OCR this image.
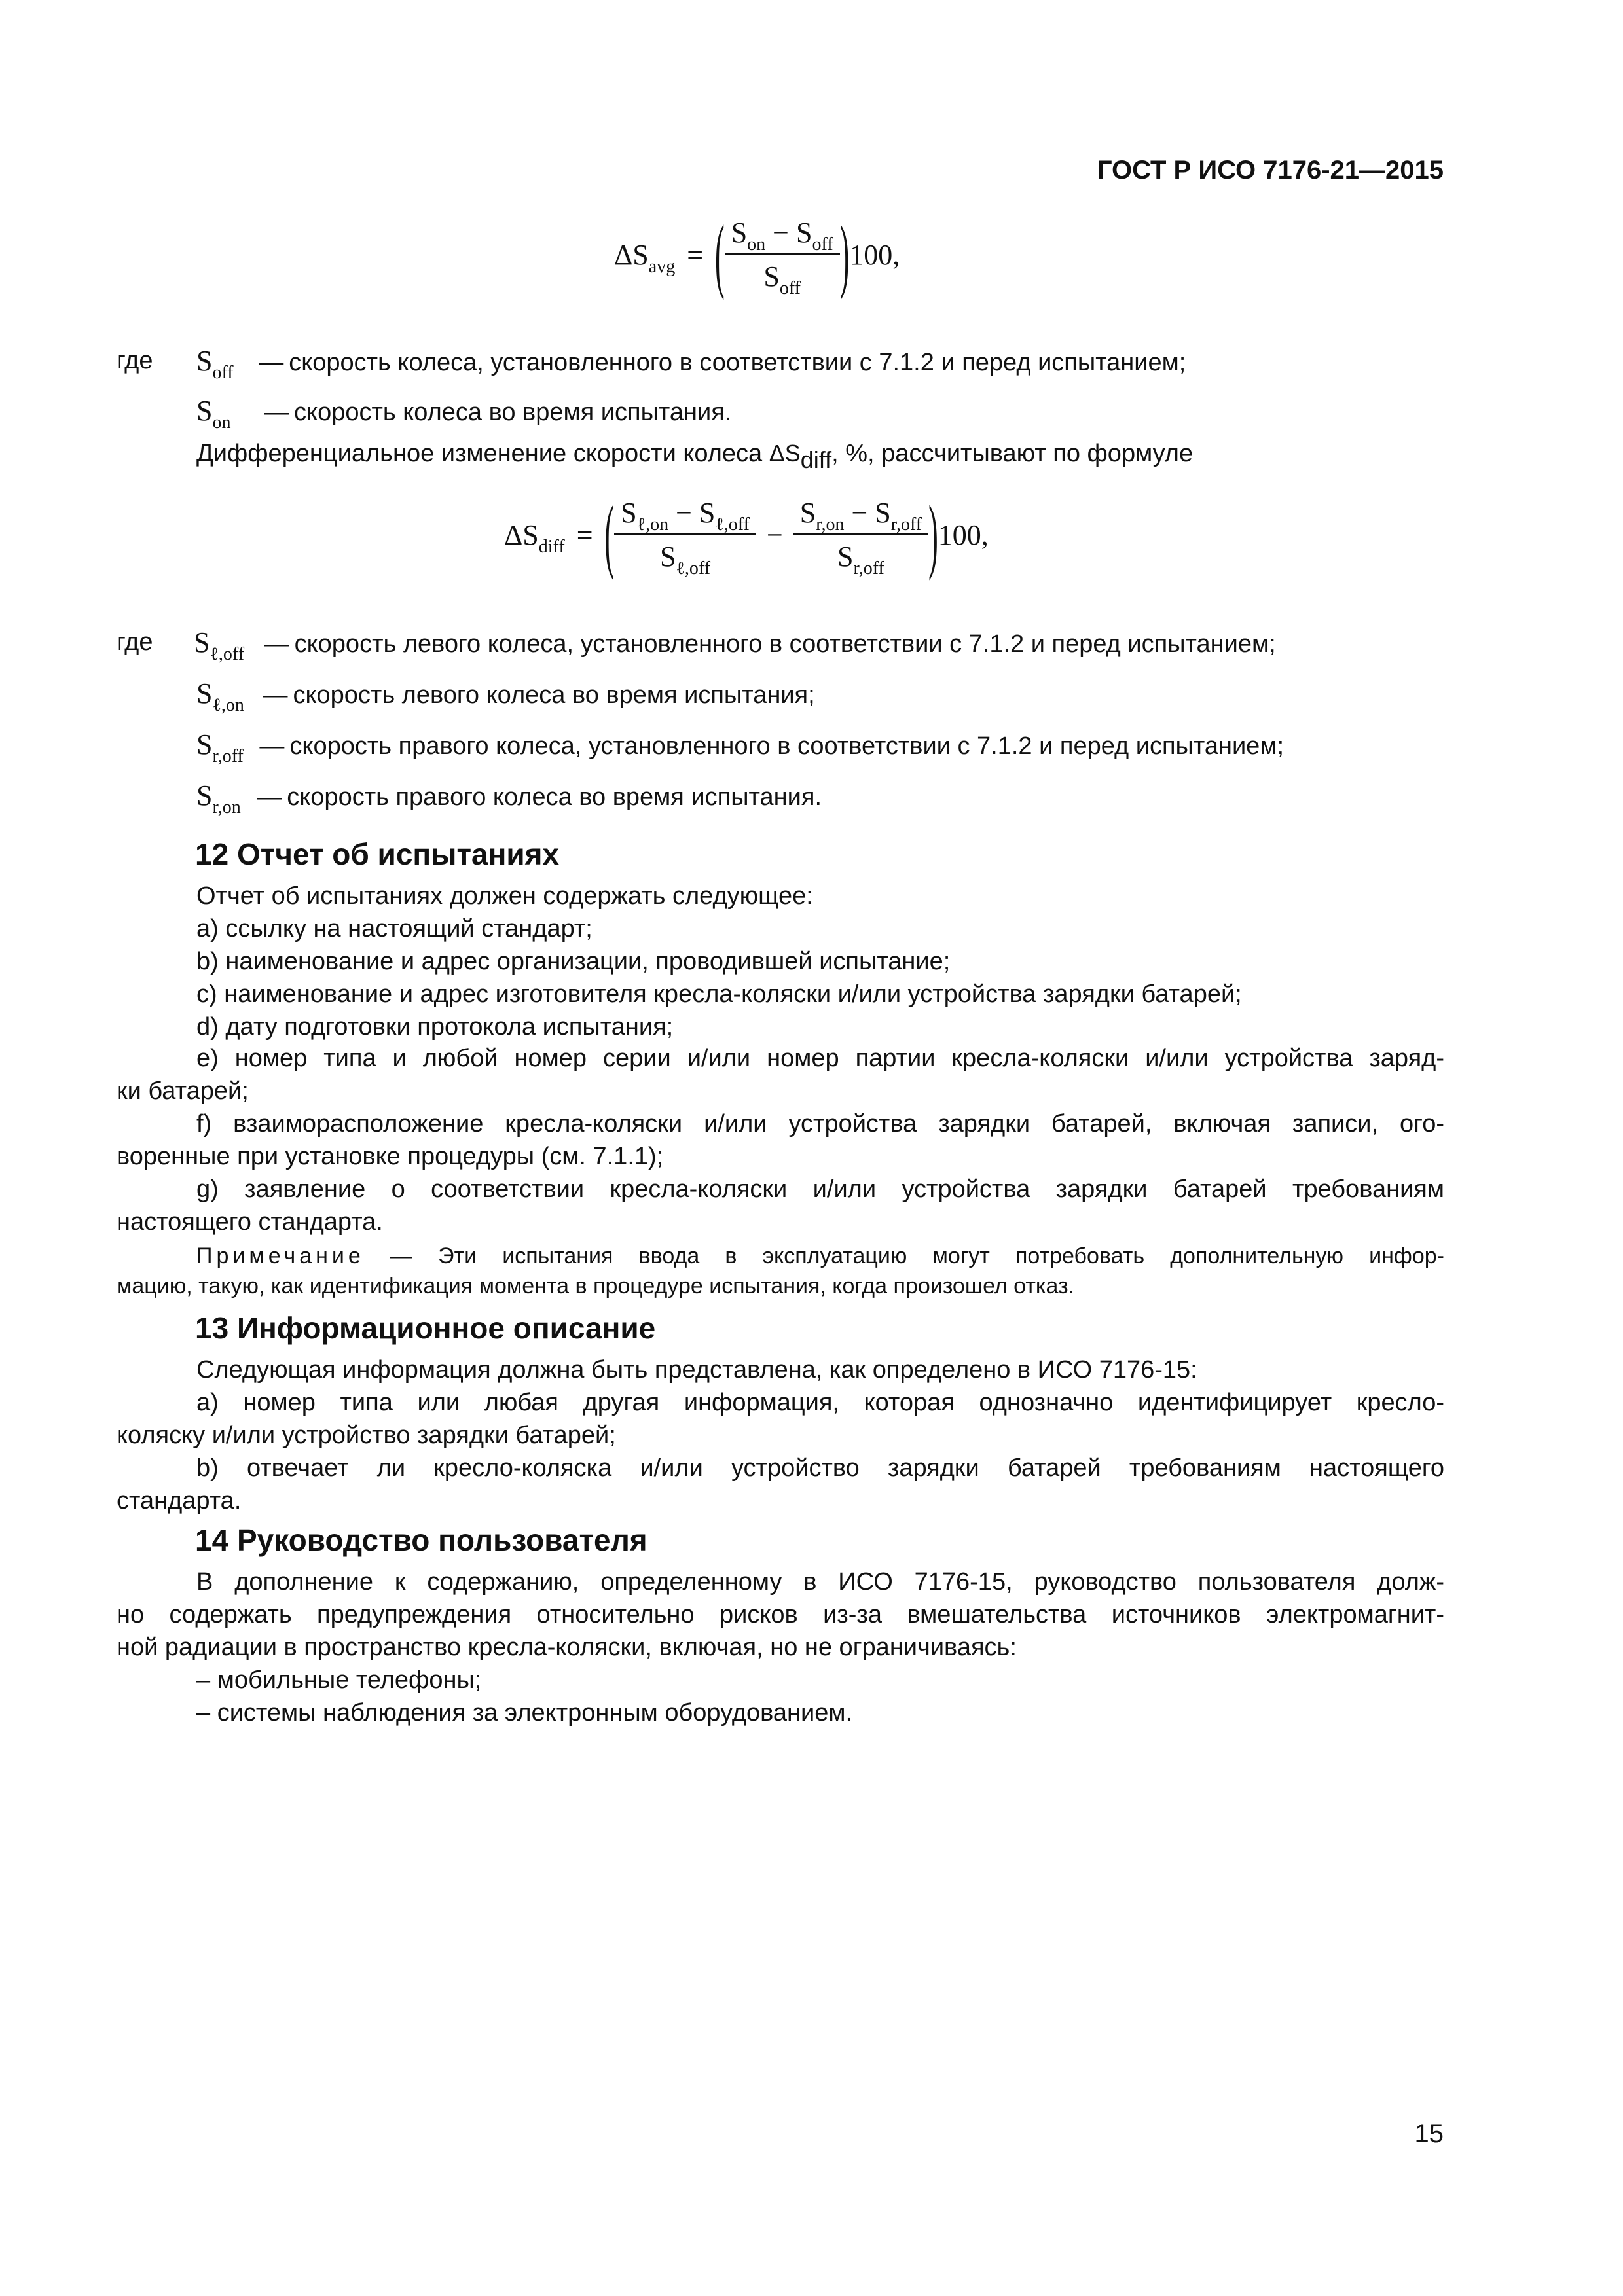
ГОСТ Р ИСО 7176-21—2015
$\Delta S_{avg}$ = ( $\frac{S_{on} - S_{off}}{S_{off}}$ ) 100,
где $S_{off}$ — скорость колеса, установленного в соответствии с 7.1.2 и перед испытанием;
$S_{on}$ — скорость колеса во время испытания.
Дифференциальное изменение скорости колеса ΔSdiff, %, рассчитывают по формуле
$\Delta S_{diff}$ = ( $\frac{S_{\ell,on} - S_{\ell,off}}{S_{\ell,off}} - \frac{S_{r,on} - S_{r,off}}{S_{r,off}}$ ) 100,
где $S_{\ell,off}$ — скорость левого колеса, установленного в соответствии с 7.1.2 и перед испытанием;
$S_{\ell,on}$ — скорость левого колеса во время испытания;
$S_{r,off}$ — скорость правого колеса, установленного в соответствии с 7.1.2 и перед испытанием;
$S_{r,on}$ — скорость правого колеса во время испытания.
12 Отчет об испытаниях
Отчет об испытаниях должен содержать следующее:
а) ссылку на настоящий стандарт;
b) наименование и адрес организации, проводившей испытание;
с) наименование и адрес изготовителя кресла-коляски и/или устройства зарядки батарей;
d) дату подготовки протокола испытания;
е) номер типа и любой номер серии и/или номер партии кресла-коляски и/или устройства заряд-
ки батарей;
f) взаиморасположение кресла-коляски и/или устройства зарядки батарей, включая записи, ого-
воренные при установке процедуры (см. 7.1.1);
g) заявление о соответствии кресла-коляски и/или устройства зарядки батарей требованиям
настоящего стандарта.
Примечание — Эти испытания ввода в эксплуатацию могут потребовать дополнительную инфор-
мацию, такую, как идентификация момента в процедуре испытания, когда произошел отказ.
13 Информационное описание
Следующая информация должна быть представлена, как определено в ИСО 7176-15:
а) номер типа или любая другая информация, которая однозначно идентифицирует кресло-
коляску и/или устройство зарядки батарей;
b) отвечает ли кресло-коляска и/или устройство зарядки батарей требованиям настоящего
стандарта.
14 Руководство пользователя
В дополнение к содержанию, определенному в ИСО 7176-15, руководство пользователя долж-
но содержать предупреждения относительно рисков из-за вмешательства источников электромагнит-
ной радиации в пространство кресла-коляски, включая, но не ограничиваясь:
– мобильные телефоны;
– системы наблюдения за электронным оборудованием.
15
